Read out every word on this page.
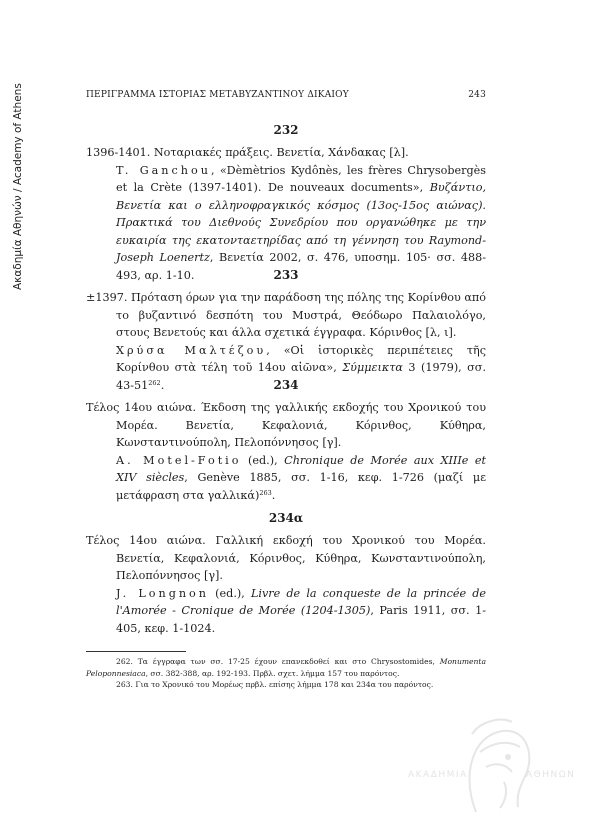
Ακαδημία Αθηνών / Academy of Athens	ΠΕΡΙΓΡΑΜΜΑ ΙΣΤΟΡΙΑΣ ΜΕΤΑΒΥΖΑΝΤΙΝΟΥ ΔΙΚΑΙΟΥ	243
232

1396-1401. Νοταριακές πράξεις. Βενετία, Χάνδακας [λ].

T. Ganchou, «Dèmètrios Kydônès, les frères Chrysobergès et la Crète (1397-1401). De nouveaux documents», Βυζάντιο, Βενετία και ο ελληνοφραγκικός κόσμος (13ος-15ος αιώνας). Πρακτικά του Διεθνούς Συνεδρίου που οργανώθηκε με την ευκαιρία της εκατονταετηρίδας από τη γέννηση του Raymond-Joseph Loenertz, Βενετία 2002, σ. 476, υποσημ. 105· σσ. 488-493, αρ. 1-10.	233

±1397. Πρόταση όρων για την παράδοση της πόλης της Κορίνθου από το βυζαντινό δεσπότη του Μυστρά, Θεόδωρο Παλαιολόγο, στους Βενετούς και άλλα σχετικά έγγραφα. Κόρινθος [λ, ι].

Χρύσα Μαλτέζου, «Οἱ ἱστορικὲς περιπέτειες τῆς Κορίνθου στὰ τέλη τοῦ 14ου αἰῶνα», Σύμμεικτα 3 (1979), σσ. $43-51^{262}$.	234

Τέλος 14ου αιώνα. Έκδοση της γαλλικής εκδοχής του Χρονικού του Μορέα. Βενετία, Κεφαλονιά, Κόρινθος, Κύθηρα, Κωνσταντινούπολη, Πελοπόννησος [γ].

A. Motel-Fotio (ed.), Chronique de Morée aux XIIIe et XIV siècles, Genève 1885, σσ. 1-16, κεφ. 1-726 (μαζί με μετάφραση στα γαλλικά)$^{263}$.

234α

Τέλος 14ου αιώνα. Γαλλική εκδοχή του Χρονικού του Μορέα. Βενετία, Κεφαλονιά, Κόρινθος, Κύθηρα, Κωνσταντινούπολη, Πελοπόννησος [γ].

J. Longnon (ed.), Livre de la conqueste de la princée de l'Amorée - Cronique de Morée (1204-1305), Paris 1911, σσ. 1-405, κεφ. 1-1024.

262. Τα έγγραφα των σσ. 17-25 έχουν επανεκδοθεί και στο Chrysostomides, Monumenta Peloponnesiaca, σσ. 382-388, αρ. 192-193. Πρβλ. σχετ. λήμμα 157 του παρόντος.

263. Για το Χρονικό του Μορέως πρβλ. επίσης λήμμα 178 και 234α του παρόντος.

ΑΚΑΔΗΜΙΑ	ΑΘΗΝΩΝ
